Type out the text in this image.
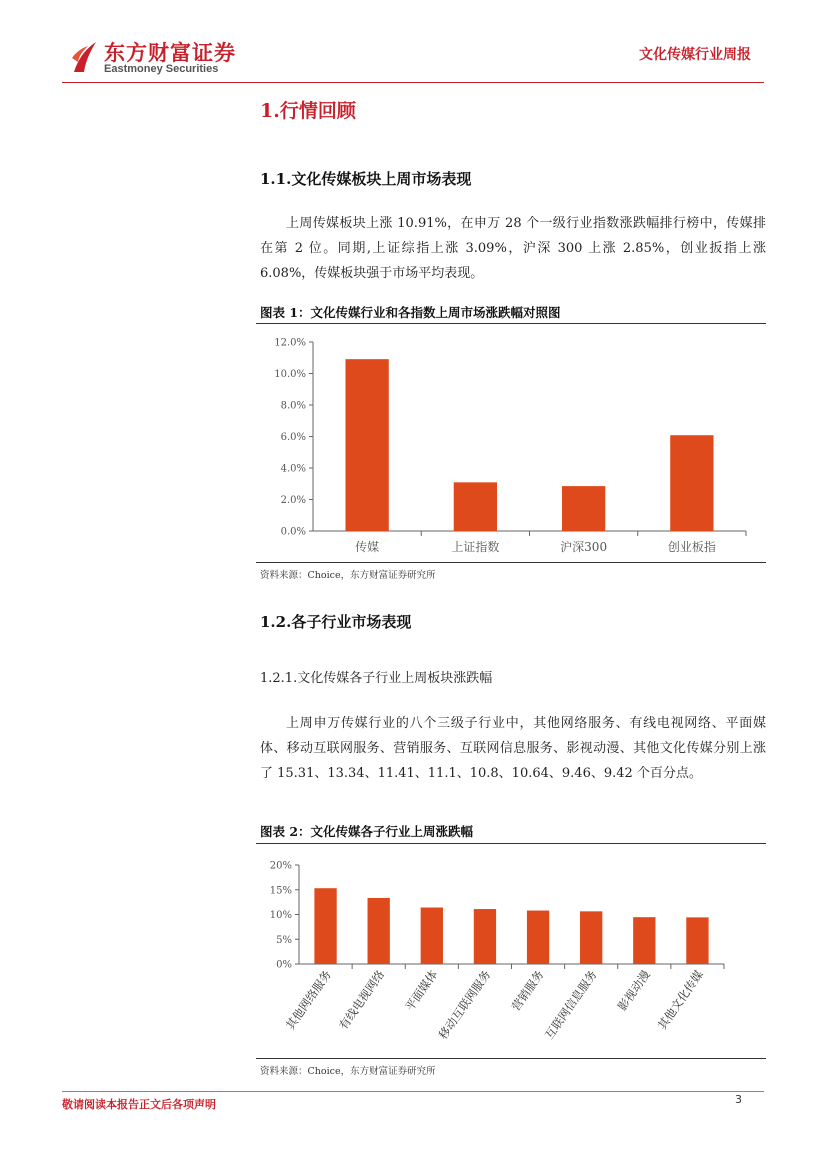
东方财富证券
Eastmoney Securities
文化传媒行业周报
1.行情回顾
1.1.文化传媒板块上周市场表现
上周传媒板块上涨 10.91%，在申万 28 个一级行业指数涨跌幅排行榜中，传媒排在第 2 位。同期,上证综指上涨 3.09%，沪深 300 上涨 2.85%，创业扳指上涨 6.08%，传媒板块强于市场平均表现。
图表 1：文化传媒行业和各指数上周市场涨跌幅对照图
0.0%
2.0%
4.0%
6.0%
8.0%
10.0%
12.0%
传媒	上证指数	沪深300	创业板指
资料来源：Choice，东方财富证券研究所
1.2.各子行业市场表现
1.2.1.文化传媒各子行业上周板块涨跌幅
上周申万传媒行业的八个三级子行业中，其他网络服务、有线电视网络、平面媒体、移动互联网服务、营销服务、互联网信息服务、影视动漫、其他文化传媒分别上涨了 15.31、13.34、11.41、11.1、10.8、10.64、9.46、9.42 个百分点。
图表 2：文化传媒各子行业上周涨跌幅
0%
5%
10%
15%
20%
其他网络服务 有线电视网络 平面媒体
移动互联网服务 营销服务
互联网信息服务 影视动漫 其他文化传媒
资料来源：Choice，东方财富证券研究所
敬请阅读本报告正文后各项声明	3
